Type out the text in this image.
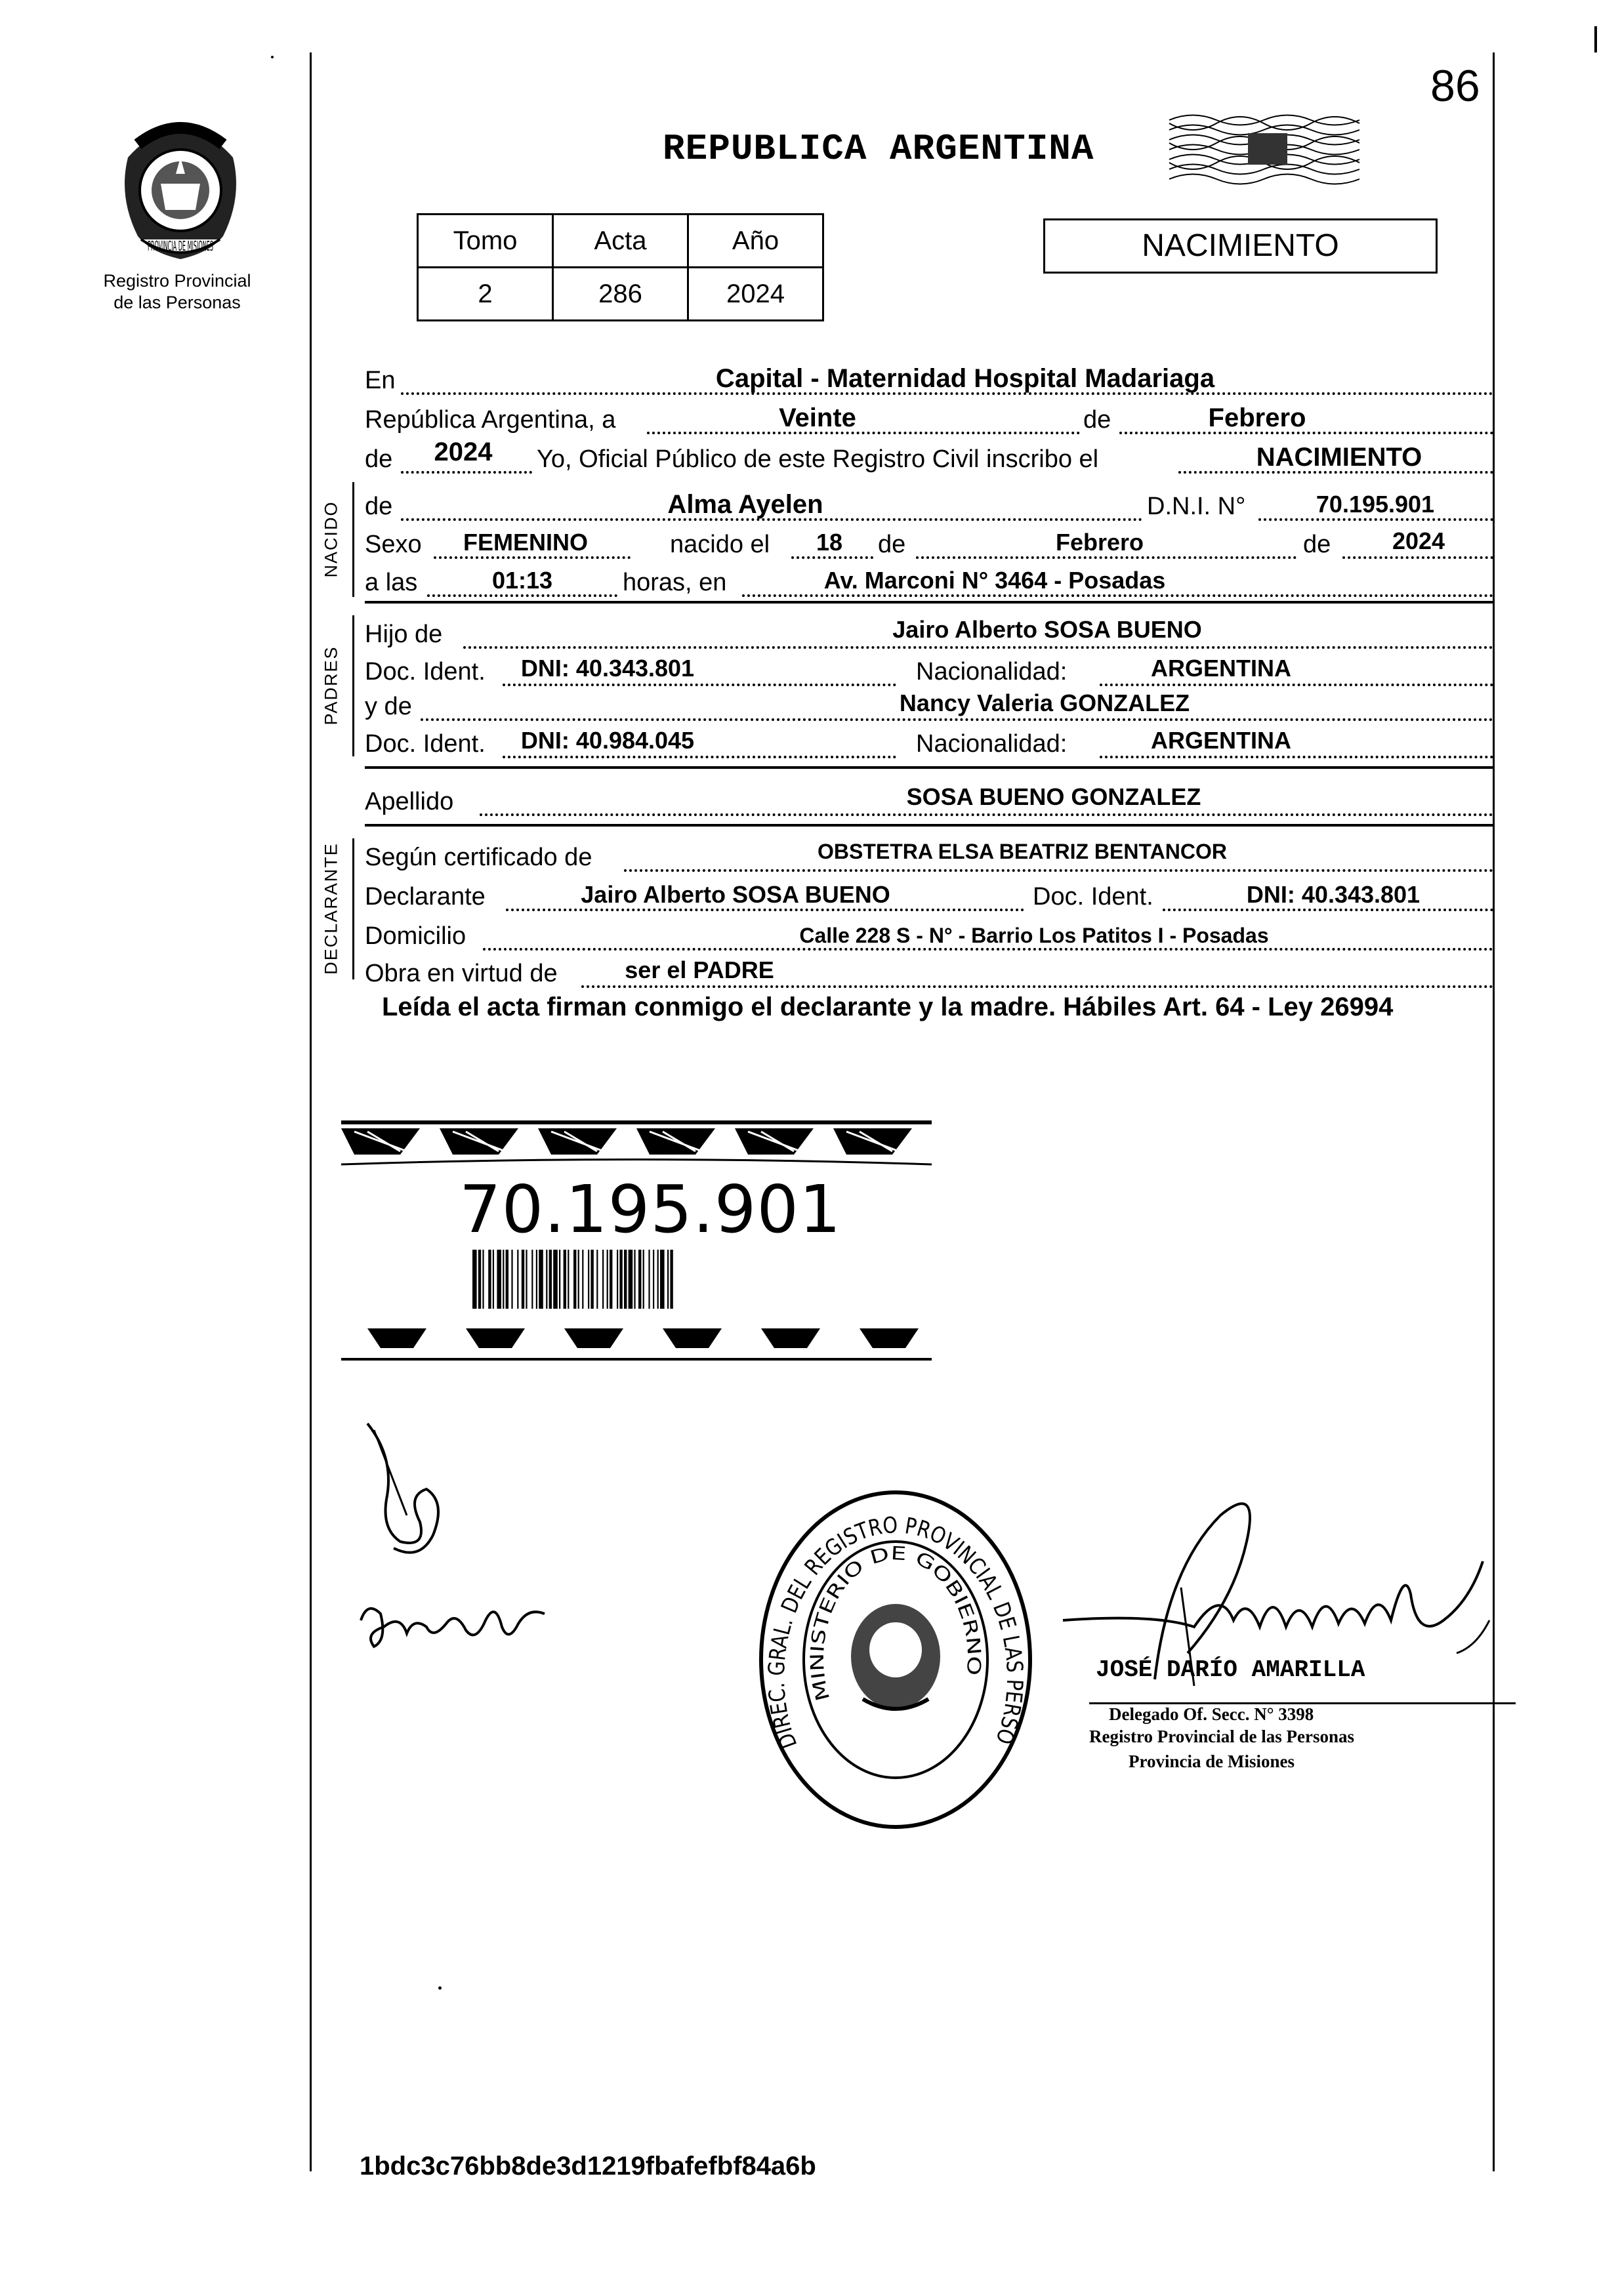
PROVINCIA DE MISIONES
Registro Provincial
de las Personas
86
REPUBLICA ARGENTINA
Tomo	Acta	Año
2	286	2024
NACIMIENTO
En	Capital - Maternidad Hospital Madariaga
República Argentina, a	Veinte	de	Febrero
de 2024 Yo, Oficial Público de este Registro Civil inscribo el	NACIMIENTO
NACIDO de	Alma Ayelen	D.N.I. N°	70.195.901
Sexo FEMENINO	nacido el 18 de	Febrero	de	2024
a las	01:13	horas, en	Av. Marconi N° 3464 - Posadas
PADRES
Hijo de	Jairo Alberto SOSA BUENO
Doc. Ident. DNI: 40.343.801	Nacionalidad:	ARGENTINA
y de	Nancy Valeria GONZALEZ
Doc. Ident. DNI: 40.984.045	Nacionalidad:	ARGENTINA
Apellido	SOSA BUENO GONZALEZ
DECLARANTE Según certificado de	OBSTETRA ELSA BEATRIZ BENTANCOR
Declarante	Jairo Alberto SOSA BUENO	Doc. Ident.	DNI: 40.343.801
Domicilio	Calle 228 S - N° - Barrio Los Patitos I - Posadas
Obra en virtud de	ser el PADRE
Leída el acta firman conmigo el declarante y la madre. Hábiles Art. 64 - Ley 26994
70.195.901
DIREC. GRAL. DEL REGISTRO PROVINCIAL DE LAS PERSO
MINISTERIO DE GOBIERNO	JOSÉ DARÍO AMARILLA
Delegado Of. Secc. N° 3398
Registro Provincial de las Personas
Provincia de Misiones
1bdc3c76bb8de3d1219fbafefbf84a6b
